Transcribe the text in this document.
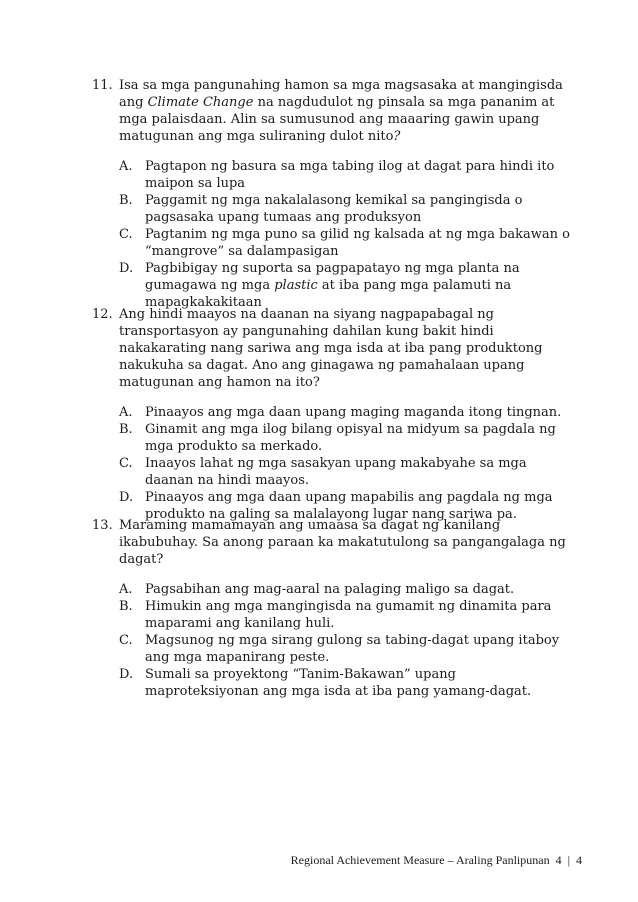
11. Isa sa mga pangunahing hamon sa mga magsasaka at mangingisda ang Climate Change na nagdudulot ng pinsala sa mga pananim at mga palaisdaan. Alin sa sumusunod ang maaaring gawin upang matugunan ang mga suliraning dulot nito?
A. Pagtapon ng basura sa mga tabing ilog at dagat para hindi ito maipon sa lupa
B. Paggamit ng mga nakalalasong kemikal sa pangingisda o pagsasaka upang tumaas ang produksyon
C. Pagtanim ng mga puno sa gilid ng kalsada at ng mga bakawan o “mangrove” sa dalampasigan
D. Pagbibigay ng suporta sa pagpapatayo ng mga planta na gumagawa ng mga plastic at iba pang mga palamuti na mapagkakakitaan
12. Ang hindi maayos na daanan na siyang nagpapabagal ng transportasyon ay pangunahing dahilan kung bakit hindi nakakarating nang sariwa ang mga isda at iba pang produktong nakukuha sa dagat. Ano ang ginagawa ng pamahalaan upang matugunan ang hamon na ito?
A. Pinaayos ang mga daan upang maging maganda itong tingnan.
B. Ginamit ang mga ilog bilang opisyal na midyum sa pagdala ng mga produkto sa merkado.
C. Inaayos lahat ng mga sasakyan upang makabyahe sa mga daanan na hindi maayos.
D. Pinaayos ang mga daan upang mapabilis ang pagdala ng mga produkto na galing sa malalayong lugar nang sariwa pa.
13. Maraming mamamayan ang umaasa sa dagat ng kanilang ikabubuhay. Sa anong paraan ka makatutulong sa pangangalaga ng dagat?
A. Pagsabihan ang mag-aaral na palaging maligo sa dagat.
B. Himukin ang mga mangingisda na gumamit ng dinamita para maparami ang kanilang huli.
C. Magsunog ng mga sirang gulong sa tabing-dagat upang itaboy ang mga mapanirang peste.
D. Sumali sa proyektong “Tanim-Bakawan” upang maproteksiyonan ang mga isda at iba pang yamang-dagat.
Regional Achievement Measure – Araling Panlipunan  4  |  4
